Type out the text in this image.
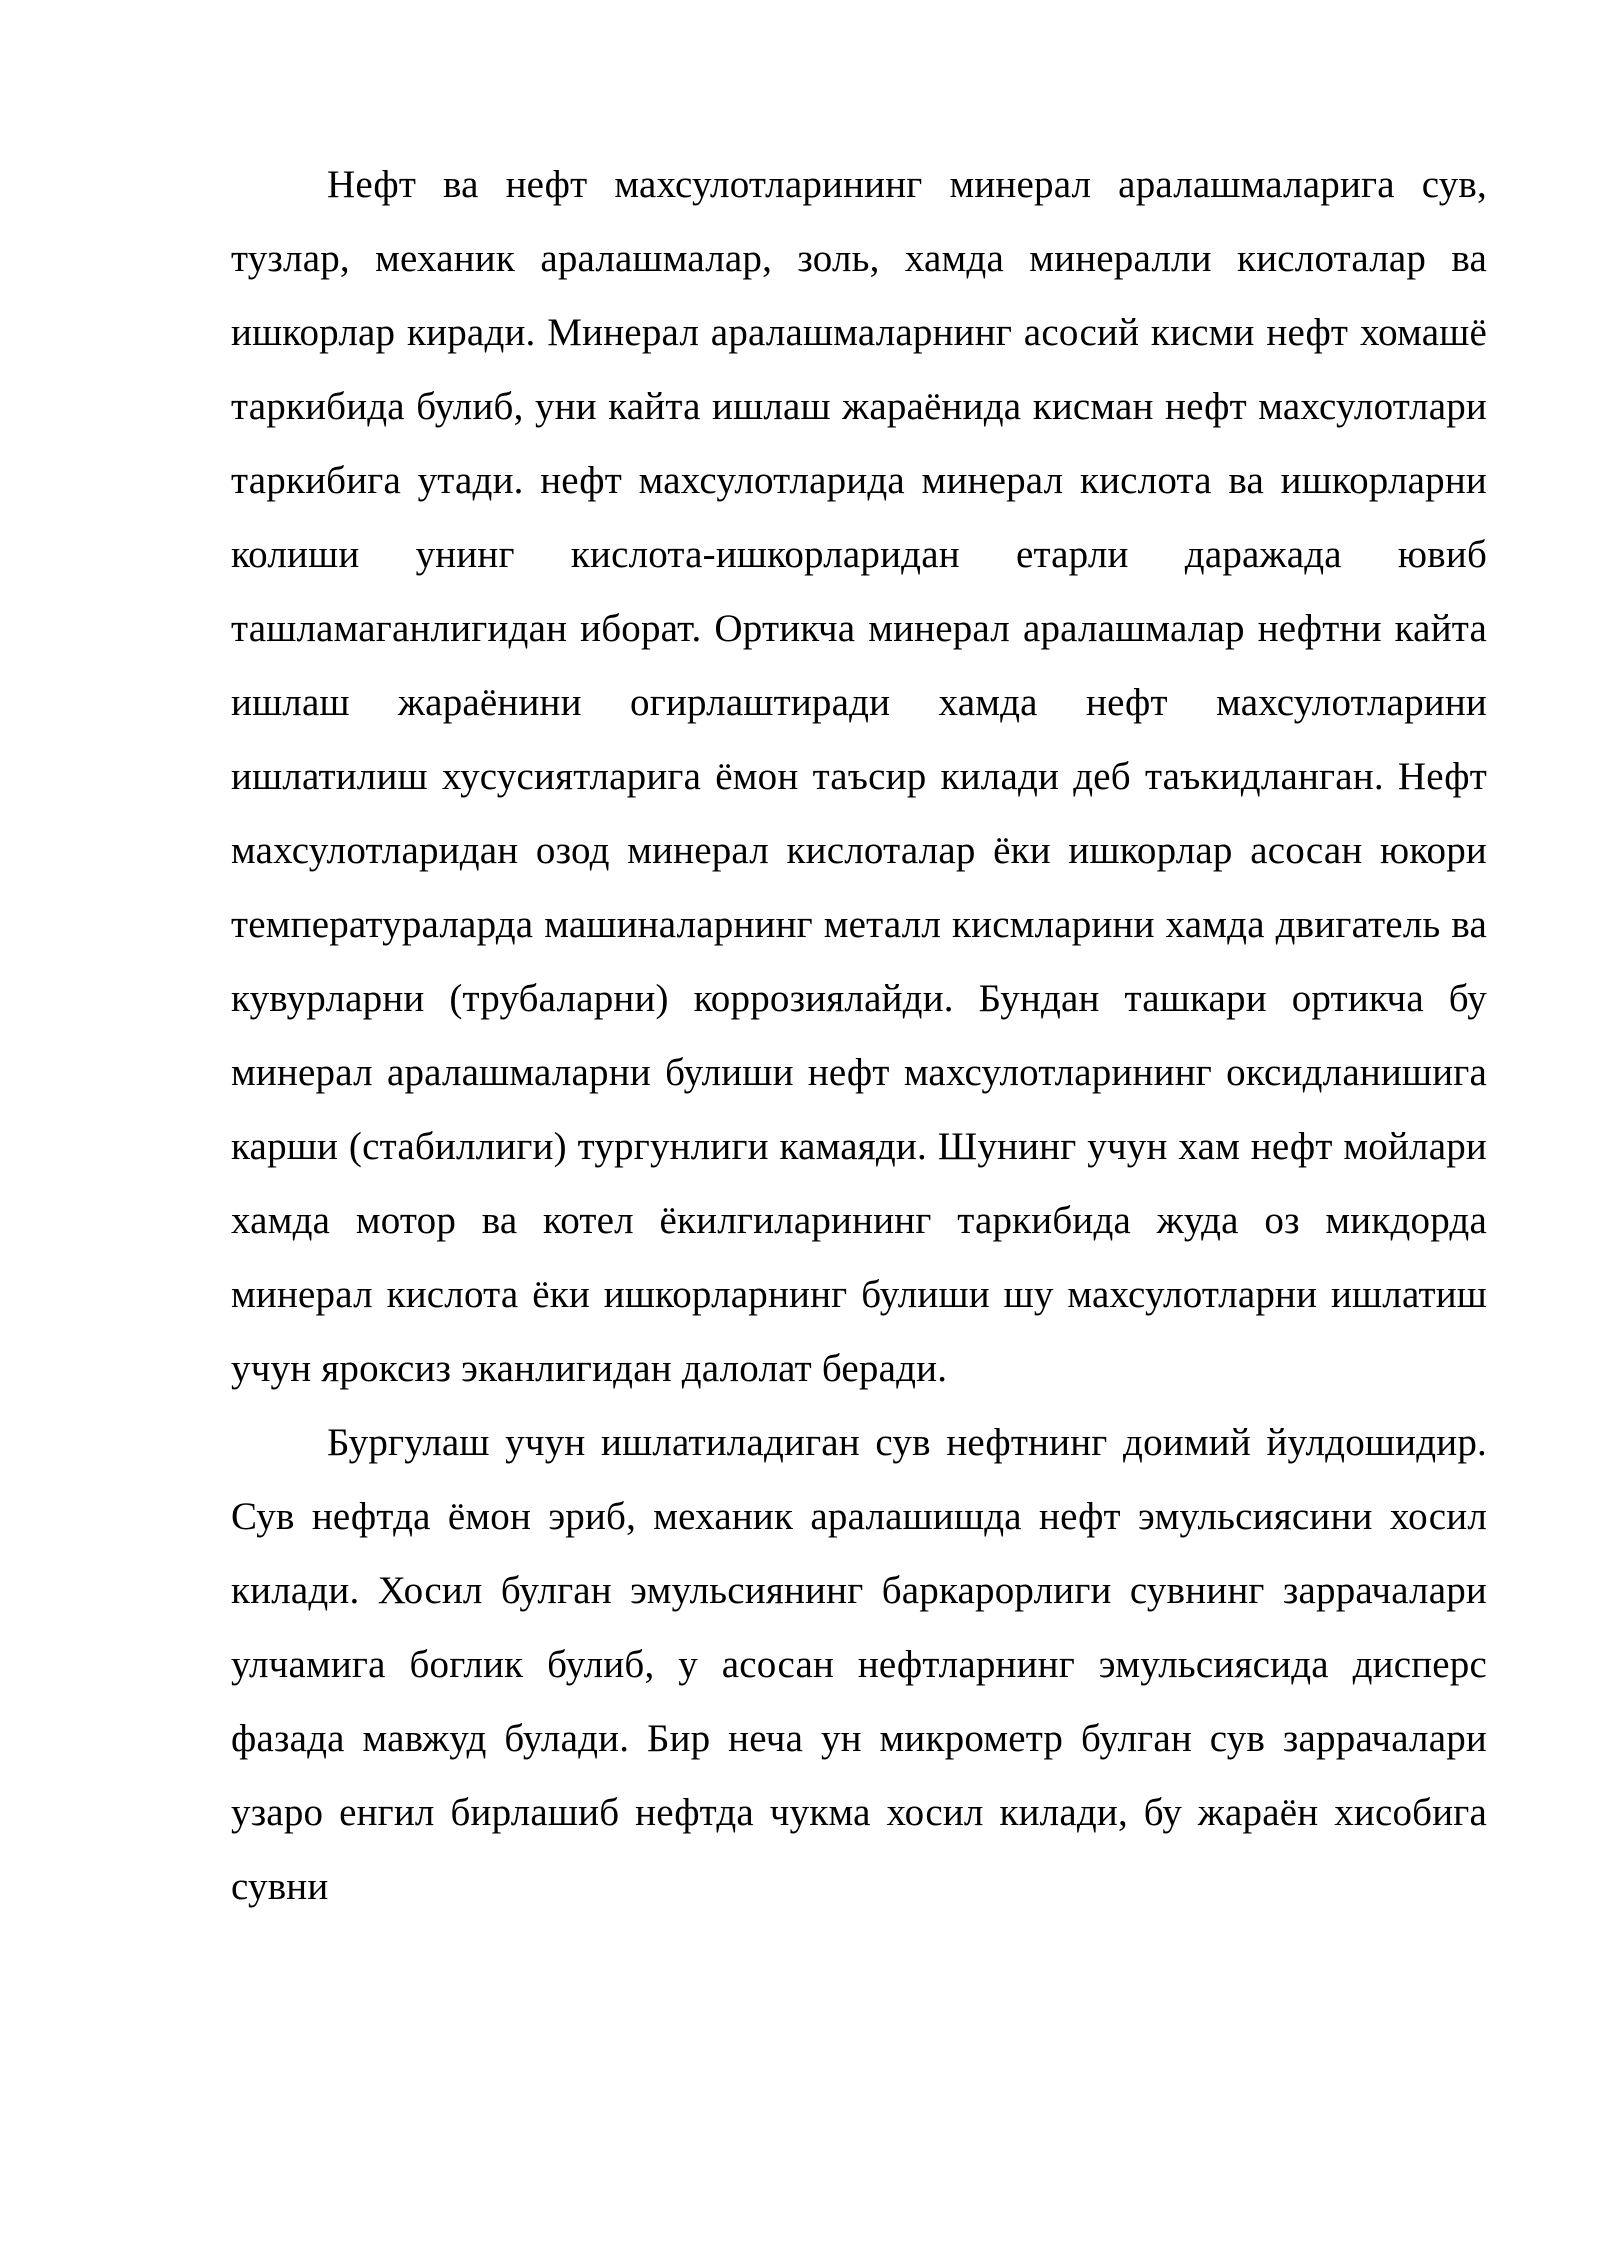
Нефт ва нефт махсулотларининг минерал аралашмаларига сув, тузлар, механик аралашмалар, золь, хамда минералли кислоталар ва ишкорлар киради. Минерал аралашмаларнинг асосий кисми нефт хомашё таркибида булиб, уни кайта ишлаш жараёнида кисман нефт махсулотлари таркибига утади. нефт махсулотларида минерал кислота ва ишкорларни колиши унинг кислота-ишкорларидан етарли даражада ювиб ташламаганлигидан иборат. Ортикча минерал аралашмалар нефтни кайта ишлаш жараёнини огирлаштиради хамда нефт махсулотларини ишлатилиш хусусиятларига ёмон таъсир килади деб таъкидланган. Нефт махсулотларидан озод минерал кислоталар ёки ишкорлар асосан юкори температураларда машиналарнинг металл кисмларини хамда двигатель ва кувурларни (трубаларни) коррозиялайди. Бундан ташкари ортикча бу минерал аралашмаларни булиши нефт махсулотларининг оксидланишига карши (стабиллиги) тургунлиги камаяди. Шунинг учун хам нефт мойлари хамда мотор ва котел ёкилгиларининг таркибида жуда оз микдорда минерал кислота ёки ишкорларнинг булиши шу махсулотларни ишлатиш учун яроксиз эканлигидан далолат беради.

Бургулаш учун ишлатиладиган сув нефтнинг доимий йулдошидир. Сув нефтда ёмон эриб, механик аралашишда нефт эмульсиясини хосил килади. Хосил булган эмульсиянинг баркарорлиги сувнинг заррачалари улчамига боглик булиб, у асосан нефтларнинг эмульсиясида дисперс фазада мавжуд булади. Бир неча ун микрометр булган сув заррачалари узаро енгил бирлашиб нефтда чукма хосил килади, бу жараён хисобига сувни
